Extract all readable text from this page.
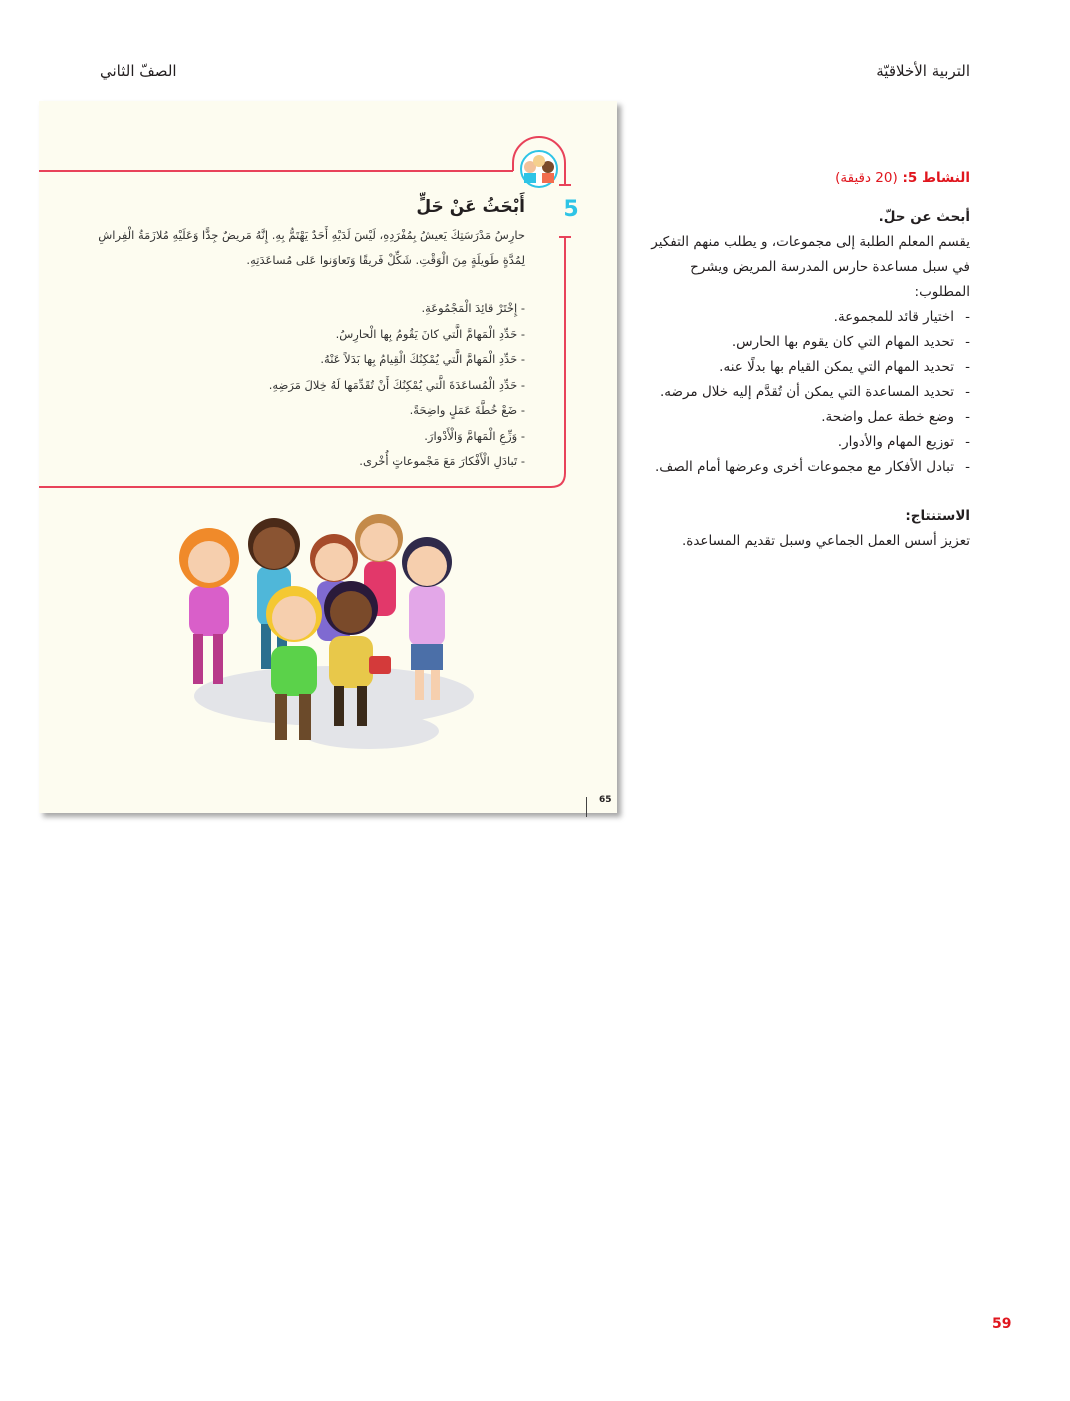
التربية الأخلاقيّة
الصفّ الثاني
5
أَبْحَثُ عَنْ حَلٍّ
حارِسُ مَدْرَسَتِكَ يَعيشُ بِمُفْرَدِهِ، لَيْسَ لَدَيْهِ أَحَدٌ يَهْتَمُّ بِهِ. إِنَّهُ مَريضٌ جِدًّا وَعَلَيْهِ مُلازَمَةُ الْفِراشِ
لِمُدَّةٍ طَويلَةٍ مِنَ الْوَقْتِ. شَكِّلْ فَريقًا وَتَعاوَنوا عَلى مُساعَدَتِهِ.
- إِخْتَرْ قائِدَ الْمَجْمُوعَةِ.
- حَدِّدِ الْمَهامَّ الَّتي كانَ يَقُومُ بِها الْحارِسُ.
- حَدِّدِ الْمَهامَّ الَّتي يُمْكِنُكَ الْقِيامُ بِها بَدَلاً عَنْهُ.
- حَدِّدِ الْمُساعَدَةَ الَّتي يُمْكِنُكَ أَنْ تُقَدِّمَها لَهُ خِلالَ مَرَضِهِ.
- ضَعْ خُطَّةَ عَمَلٍ واضِحَةً.
- وَزِّعِ الْمَهامَّ وَالْأَدْوارَ.
- تَبادَلِ الْأَفْكارَ مَعَ مَجْموعاتٍ أُخْرى.
65
النشاط 5: (20 دقيقة)
أبحث عن حلّ.
يقسم المعلم الطلبة إلى مجموعات، و يطلب منهم التفكير في سبل مساعدة حارس المدرسة المريض ويشرح المطلوب:
- اختيار قائد للمجموعة.
- تحديد المهام التي كان يقوم بها الحارس.
- تحديد المهام التي يمكن القيام بها بدلًا عنه.
- تحديد المساعدة التي يمكن أن تُقدَّم إليه خلال مرضه.
- وضع خطة عمل واضحة.
- توزيع المهام والأدوار.
- تبادل الأفكار مع مجموعات أخرى وعرضها أمام الصف.
الاستنتاج:
تعزيز أسس العمل الجماعي وسبل تقديم المساعدة.
59
